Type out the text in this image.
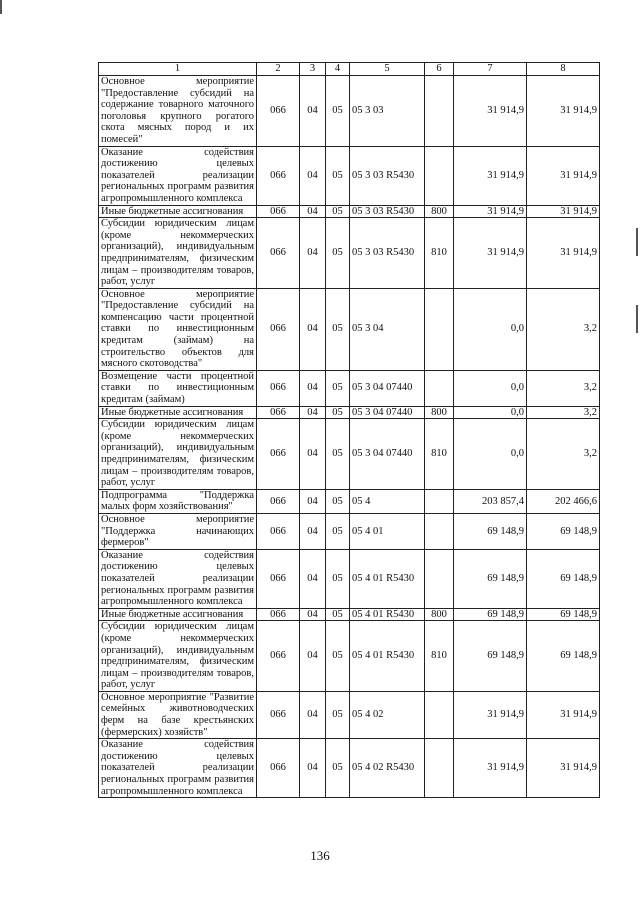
1	2	3	4	5	6	7	8
Основное мероприятие "Предоставление субсидий на содержание товарного маточного поголовья крупного рогатого скота мясных пород и их помесей"	066	04	05	05 3 03		31 914,9	31 914,9
Оказание содействия достижению целевых показателей реализации региональных программ развития агропромышленного комплекса	066	04	05	05 3 03 R5430		31 914,9	31 914,9
Иные бюджетные ассигнования	066	04	05	05 3 03 R5430	800	31 914,9	31 914,9
Субсидии юридическим лицам (кроме некоммерческих организаций), индивидуальным предпринимателям, физическим лицам – производителям товаров, работ, услуг	066	04	05	05 3 03 R5430	810	31 914,9	31 914,9
Основное мероприятие "Предоставление субсидий на компенсацию части процентной ставки по инвестиционным кредитам (займам) на строительство объектов для мясного скотоводства"	066	04	05	05 3 04		0,0	3,2
Возмещение части процентной ставки по инвестиционным кредитам (займам)	066	04	05	05 3 04 07440		0,0	3,2
Иные бюджетные ассигнования	066	04	05	05 3 04 07440	800	0,0	3,2
Субсидии юридическим лицам (кроме некоммерческих организаций), индивидуальным предпринимателям, физическим лицам – производителям товаров, работ, услуг	066	04	05	05 3 04 07440	810	0,0	3,2
Подпрограмма "Поддержка малых форм хозяйствования"	066	04	05	05 4		203 857,4	202 466,6
Основное мероприятие "Поддержка начинающих фермеров"	066	04	05	05 4 01		69 148,9	69 148,9
Оказание содействия достижению целевых показателей реализации региональных программ развития агропромышленного комплекса	066	04	05	05 4 01 R5430		69 148,9	69 148,9
Иные бюджетные ассигнования	066	04	05	05 4 01 R5430	800	69 148,9	69 148,9
Субсидии юридическим лицам (кроме некоммерческих организаций), индивидуальным предпринимателям, физическим лицам – производителям товаров, работ, услуг	066	04	05	05 4 01 R5430	810	69 148,9	69 148,9
Основное мероприятие "Развитие семейных животноводческих ферм на базе крестьянских (фермерских) хозяйств"	066	04	05	05 4 02		31 914,9	31 914,9
Оказание содействия достижению целевых показателей реализации региональных программ развития агропромышленного комплекса	066	04	05	05 4 02 R5430		31 914,9	31 914,9
136
